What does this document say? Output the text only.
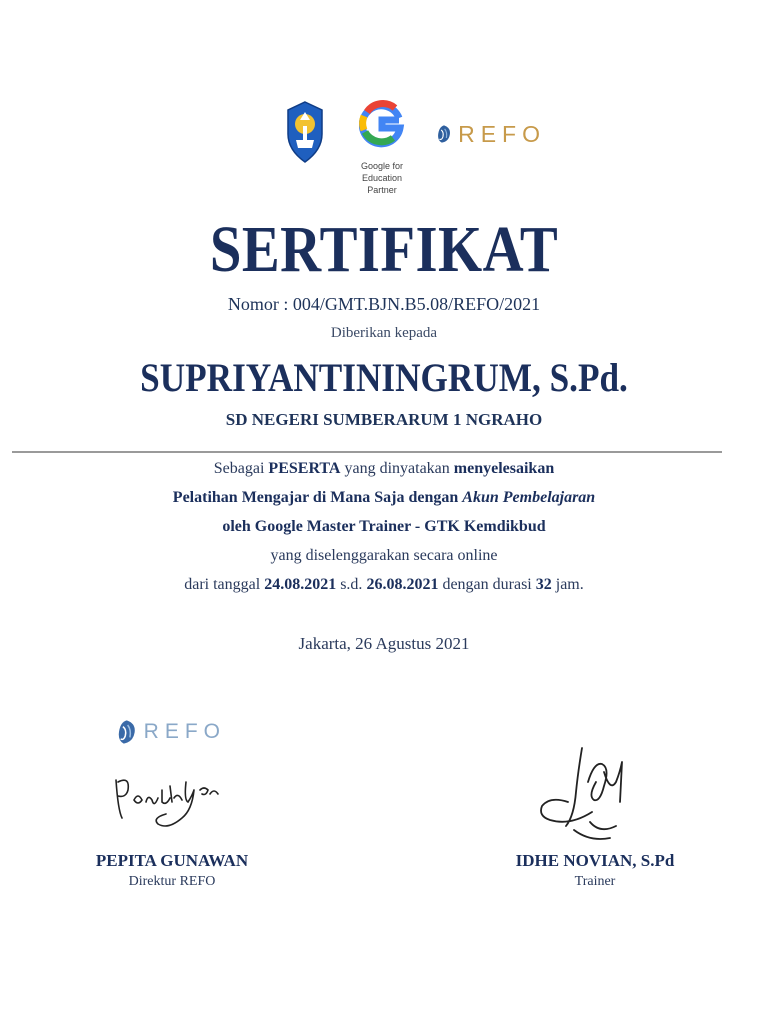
Google for Education
Partner
REFO
SERTIFIKAT
Nomor : 004/GMT.BJN.B5.08/REFO/2021
Diberikan kepada
SUPRIYANTININGRUM, S.Pd.
SD NEGERI SUMBERARUM 1 NGRAHO
Sebagai PESERTA yang dinyatakan menyelesaikan
Pelatihan Mengajar di Mana Saja dengan Akun Pembelajaran
oleh Google Master Trainer - GTK Kemdikbud
yang diselenggarakan secara online
dari tanggal 24.08.2021 s.d. 26.08.2021 dengan durasi 32 jam.
Jakarta, 26 Agustus 2021
REFO
PEPITA GUNAWAN
Direktur REFO
IDHE NOVIAN, S.Pd
Trainer
